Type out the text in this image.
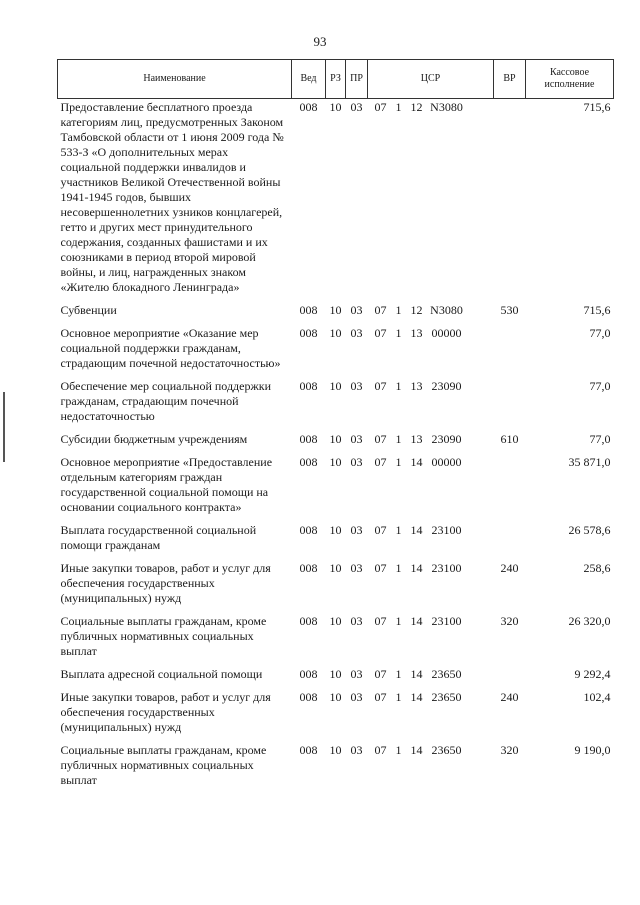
93
Наименование	Вед	РЗ	ПР	ЦСР	ВР	Кассовое исполнение
Предоставление бесплатного проезда категориям лиц, предусмотренных Законом Тамбовской области от 1 июня 2009 года № 533-З «О дополнительных мерах социальной поддержки инвалидов и участников Великой Отечественной войны 1941-1945 годов, бывших несовершеннолетних узников концлагерей, гетто и других мест принудительного содержания, созданных фашистами и их союзниками в период второй мировой войны, и лиц, награжденных знаком «Жителю блокадного Ленинграда»	008	10	03	07 1 12 N3080		715,6
Субвенции	008	10	03	07 1 12 N3080	530	715,6
Основное мероприятие «Оказание мер социальной поддержки гражданам, страдающим почечной недостаточностью»	008	10	03	07 1 13 00000		77,0
Обеспечение мер социальной поддержки гражданам, страдающим почечной недостаточностью	008	10	03	07 1 13 23090		77,0
Субсидии бюджетным учреждениям	008	10	03	07 1 13 23090	610	77,0
Основное мероприятие «Предоставление отдельным категориям граждан государственной социальной помощи на основании социального контракта»	008	10	03	07 1 14 00000		35 871,0
Выплата государственной социальной помощи гражданам	008	10	03	07 1 14 23100		26 578,6
Иные закупки товаров, работ и услуг для обеспечения государственных (муниципальных) нужд	008	10	03	07 1 14 23100	240	258,6
Социальные выплаты гражданам, кроме публичных нормативных социальных выплат	008	10	03	07 1 14 23100	320	26 320,0
Выплата адресной социальной помощи	008	10	03	07 1 14 23650		9 292,4
Иные закупки товаров, работ и услуг для обеспечения государственных (муниципальных) нужд	008	10	03	07 1 14 23650	240	102,4
Социальные выплаты гражданам, кроме публичных нормативных социальных выплат	008	10	03	07 1 14 23650	320	9 190,0
